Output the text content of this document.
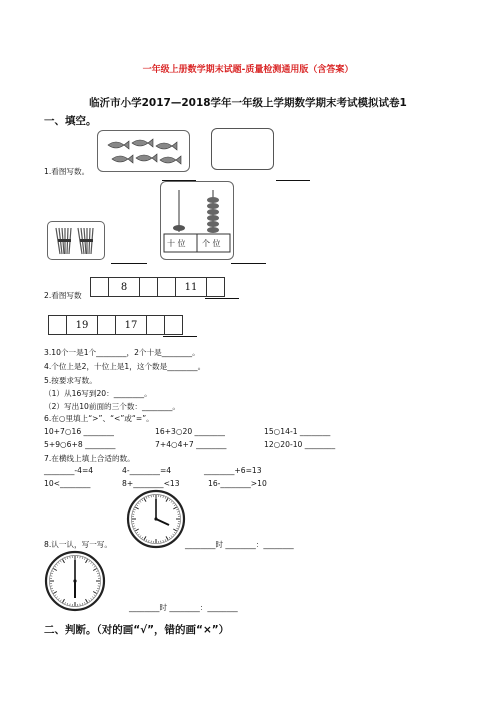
一年级上册数学期末试题-质量检测通用版（含答案）
临沂市小学2017—2018学年一年级上学期数学期末考试模拟试卷1
一、填空。
1.看图写数。
十 位 个 位
2.看图写数
8	11
19	17
3.10个一是1个________，2个十是________。
4.个位上是2，十位上是1，这个数是________。
5.按要求写数。
（1）从16写到20：________。
（2）写出10前面的三个数：________。
6.在○里填上“>”、“<”或“=”。
10+7○16 ________	16+3○20 ________	15○14-1 ________
5+9○6+8 ________	7+4○4+7 ________	12○20-10 ________
7.在横线上填上合适的数。
________-4=4	4-________=4	________+6=13
10<________	8+________<13	16-________>10
8.认一认，写一写。	________时 ________：________
________时 ________：________
二、判断。（对的画“√”，错的画“×”）
